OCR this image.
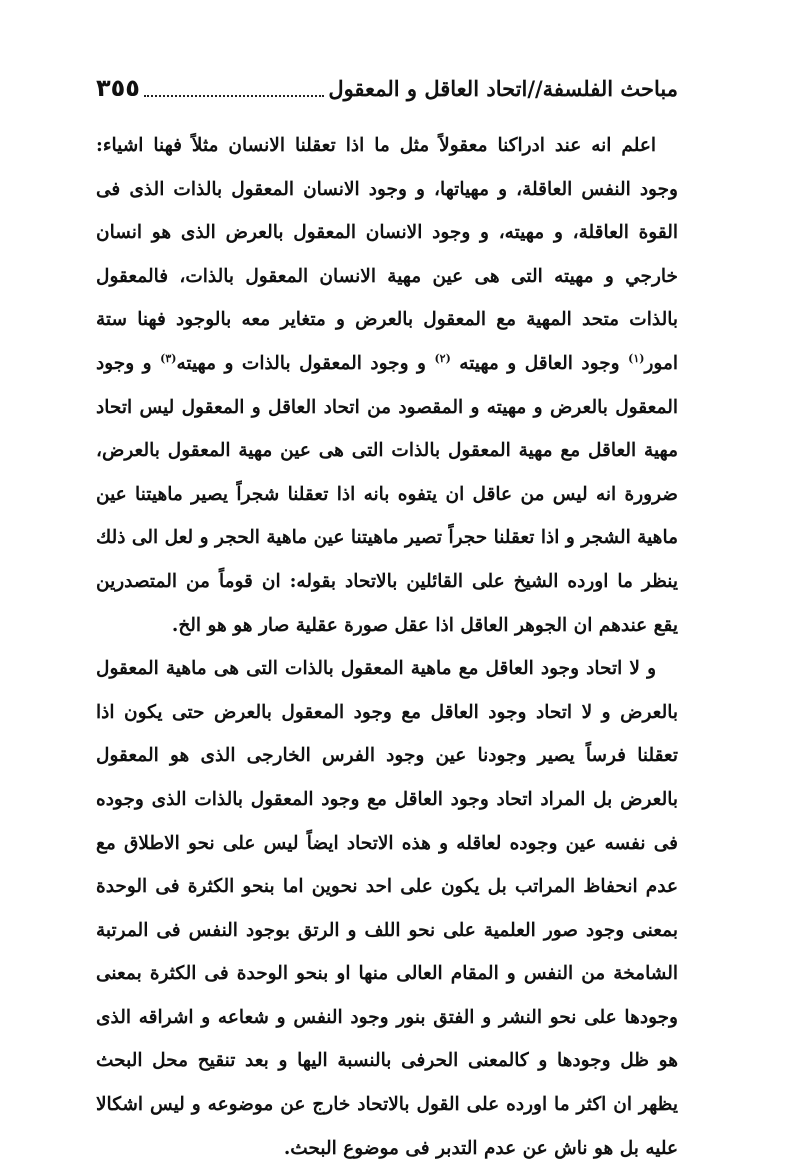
٣٥٥	مباحث الفلسفة//اتحاد العاقل و المعقول

اعلم انه عند ادراكنا معقولاً مثل ما اذا تعقلنا الانسان مثلاً فهنا اشياء: وجود النفس العاقلة، و مهياتها، و وجود الانسان المعقول بالذات الذى فى القوة العاقلة، و مهيته، و وجود الانسان المعقول بالعرض الذى هو انسان خارجي و مهيته التى هى عين مهية الانسان المعقول بالذات، فالمعقول بالذات متحد المهية مع المعقول بالعرض و متغاير معه بالوجود فهنا ستة امور$^{(١)}$ وجود العاقل و مهيته $^{(٢)}$ و وجود المعقول بالذات و مهيته$^{(٣)}$ و وجود المعقول بالعرض و مهيته و المقصود من اتحاد العاقل و المعقول ليس اتحاد مهية العاقل مع مهية المعقول بالذات التى هى عين مهية المعقول بالعرض، ضرورة انه ليس من عاقل ان يتفوه بانه اذا تعقلنا شجراً يصير ماهيتنا عين ماهية الشجر و اذا تعقلنا حجراً تصير ماهيتنا عين ماهية الحجر و لعل الى ذلك ينظر ما اورده الشيخ على القائلين بالاتحاد بقوله: ان قوماً من المتصدرين يقع عندهم ان الجوهر العاقل اذا عقل صورة عقلية صار هو هو الخ.

و لا اتحاد وجود العاقل مع ماهية المعقول بالذات التى هى ماهية المعقول بالعرض و لا اتحاد وجود العاقل مع وجود المعقول بالعرض حتى يكون اذا تعقلنا فرساً يصير وجودنا عين وجود الفرس الخارجى الذى هو المعقول بالعرض بل المراد اتحاد وجود العاقل مع وجود المعقول بالذات الذى وجوده فى نفسه عين وجوده لعاقله و هذه الاتحاد ايضاً ليس على نحو الاطلاق مع عدم انحفاظ المراتب بل يكون على احد نحوين اما بنحو الكثرة فى الوحدة بمعنى وجود صور العلمية على نحو اللف و الرتق بوجود النفس فى المرتبة الشامخة من النفس و المقام العالى منها او بنحو الوحدة فى الكثرة بمعنى وجودها على نحو النشر و الفتق بنور وجود النفس و شعاعه و اشراقه الذى هو ظل وجودها و كالمعنى الحرفى بالنسبة اليها و بعد تنقيح محل البحث يظهر ان اكثر ما اورده على القول بالاتحاد خارج عن موضوعه و ليس اشكالا عليه بل هو ناش عن عدم التدبر فى موضوع البحث.
